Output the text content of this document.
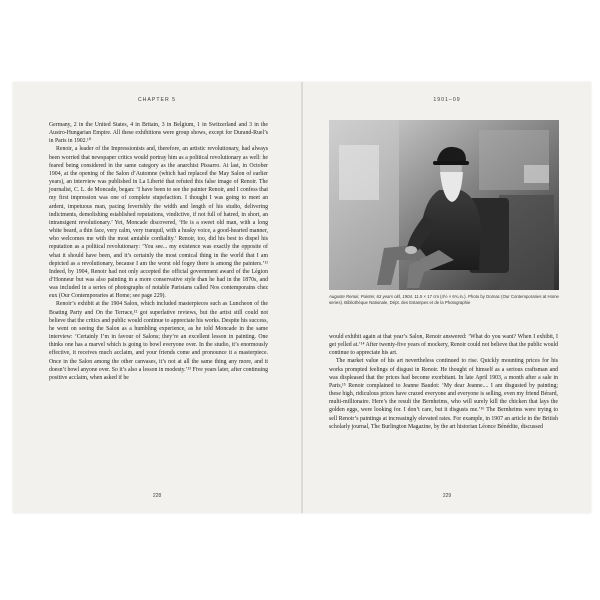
CHAPTER 5

Germany, 2 in the United States, 4 in Britain, 3 in Belgium, 1 in Switzerland and 3 in the Austro-Hungarian Empire. All these exhibitions were group shows, except for Durand-Ruel’s in Paris in 1902.¹⁰

Renoir, a leader of the Impressionists and, therefore, an artistic revolutionary, had always been worried that newspaper critics would portray him as a political revolutionary as well: he feared being considered in the same category as the anarchist Pissarro. At last, in October 1904, at the opening of the Salon d’Automne (which had replaced the May Salon of earlier years), an interview was published in La Liberté that refuted this false image of Renoir. The journalist, C. L. de Moncade, began: ‘I have been to see the painter Renoir, and I confess that my first impression was one of complete stupefaction. I thought I was going to meet an ardent, impetuous man, pacing feverishly the width and length of his studio, delivering indictments, demolishing established reputations, vindictive, if not full of hatred, in short, an intransigent revolutionary.’ Yet, Moncade discovered, ‘He is a sweet old man, with a long white beard, a thin face, very calm, very tranquil, with a husky voice, a good-hearted manner, who welcomes me with the most amiable cordiality.’ Renoir, too, did his best to dispel his reputation as a political revolutionary: ‘You see... my existence was exactly the opposite of what it should have been, and it’s certainly the most comical thing in the world that I am depicted as a revolutionary, because I am the worst old fogey there is among the painters.’¹¹ Indeed, by 1904, Renoir had not only accepted the official government award of the Légion d’Honneur but was also painting in a more conservative style than he had in the 1870s, and was included in a series of photographs of notable Parisians called Nos contemporains chez eux (Our Contemporaries at Home; see page 229).

Renoir’s exhibit at the 1904 Salon, which included masterpieces such as Luncheon of the Boating Party and On the Terrace,¹² got superlative reviews, but the artist still could not believe that the critics and public would continue to appreciate his works. Despite his success, he went on seeing the Salon as a humbling experience, as he told Moncade in the same interview: ‘Certainly I’m in favour of Salons; they’re an excellent lesson in painting. One thinks one has a marvel which is going to bowl everyone over. In the studio, it’s enormously effective, it receives much acclaim, and your friends come and pronounce it a masterpiece. Once in the Salon among the other canvases, it’s not at all the same thing any more, and it doesn’t bowl anyone over. So it’s also a lesson in modesty.’¹³ Five years later, after continuing positive acclaim, when asked if he

228
1901–09
Auguste Renoir, Painter, 63 years old, 1904. 11.5 × 17 cm (4½ × 6¾ in.). Photo by Dornac (Our Contemporaries at Home series). Bibliothèque Nationale, Dépt. des Estampes et de la Photographie

would exhibit again at that year’s Salon, Renoir answered: ‘What do you want? When I exhibit, I get yelled at.’¹⁴ After twenty-five years of mockery, Renoir could not believe that the public would continue to appreciate his art.

The market value of his art nevertheless continued to rise. Quickly mounting prices for his works prompted feelings of disgust in Renoir. He thought of himself as a serious craftsman and was displeased that the prices had become exorbitant. In late April 1903, a month after a sale in Paris,¹⁵ Renoir complained to Jeanne Baudot: ‘My dear Jeanne.... I am disgusted by painting; these high, ridiculous prices have crazed everyone and everyone is selling, even my friend Bérard, multi-millionaire. Here’s the result the Bernheims, who will surely kill the chicken that lays the golden eggs, were looking for. I don’t care, but it disgusts me.’¹⁶ The Bernheims were trying to sell Renoir’s paintings at increasingly elevated rates. For example, in 1907 an article in the British scholarly journal, The Burlington Magazine, by the art historian Léonce Bénédite, discussed

229
